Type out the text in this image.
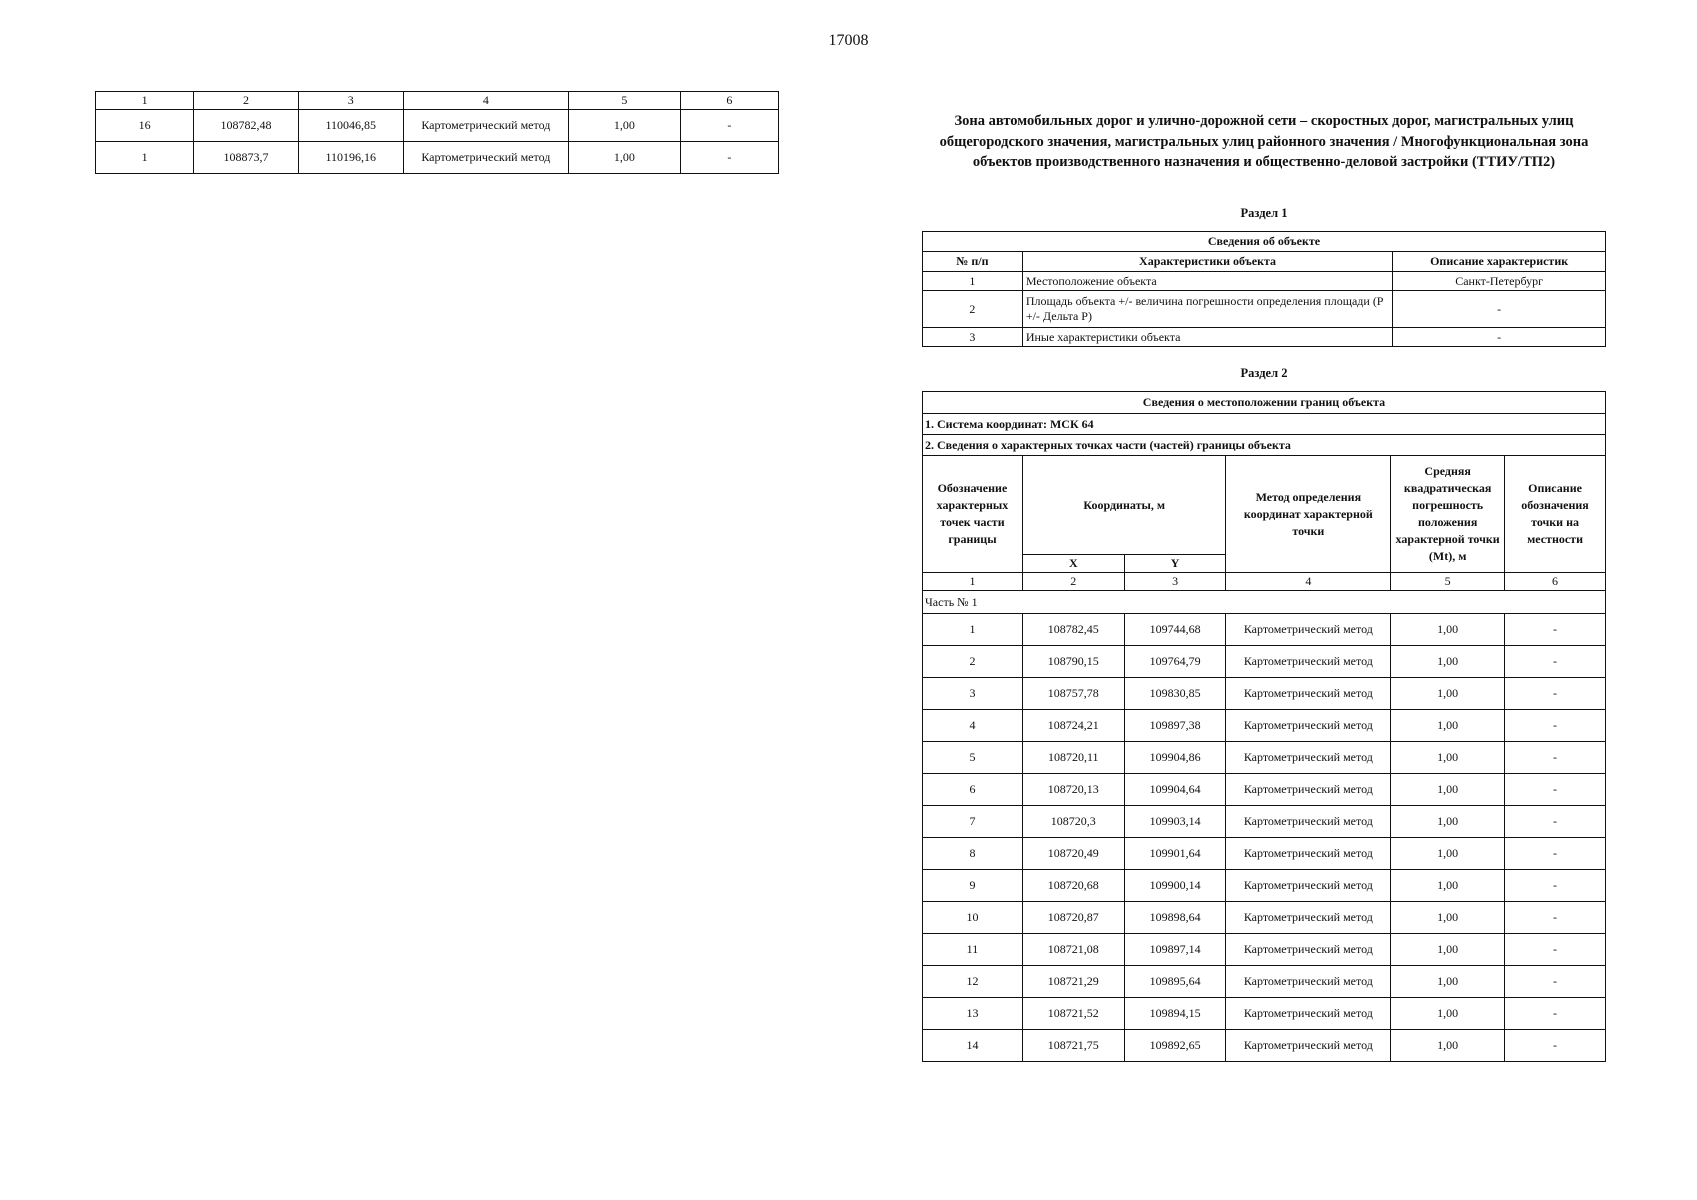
17008
1	2	3	4	5	6
16	108782,48	110046,85	Картометрический метод	1,00	-
1	108873,7	110196,16	Картометрический метод	1,00	-
Зона автомобильных дорог и улично-дорожной сети – скоростных дорог, магистральных улиц общегородского значения, магистральных улиц районного значения / Многофункциональная зона объектов производственного назначения и общественно-деловой застройки (ТТИУ/ТП2)
Раздел 1
Сведения об объекте		
№ п/п	Характеристики объекта	Описание характеристик
1	Местоположение объекта	Санкт-Петербург
2	Площадь объекта +/- величина погрешности определения площади (Р +/- Дельта Р)	-
3	Иные характеристики объекта	-
Раздел 2
Сведения о местоположении границ объекта					
1. Система координат: МСК 64					
2. Сведения о характерных точках части (частей) границы объекта					
Обозначение характерных точек части границы	Координаты, м		Метод определения координат характерной точки	Средняя квадратическая погрешность положения характерной точки (Мt), м	Описание обозначения точки на местности
	X	Y			
1	2	3	4	5	6
Часть № 1					
1	108782,45	109744,68	Картометрический метод	1,00	-
2	108790,15	109764,79	Картометрический метод	1,00	-
3	108757,78	109830,85	Картометрический метод	1,00	-
4	108724,21	109897,38	Картометрический метод	1,00	-
5	108720,11	109904,86	Картометрический метод	1,00	-
6	108720,13	109904,64	Картометрический метод	1,00	-
7	108720,3	109903,14	Картометрический метод	1,00	-
8	108720,49	109901,64	Картометрический метод	1,00	-
9	108720,68	109900,14	Картометрический метод	1,00	-
10	108720,87	109898,64	Картометрический метод	1,00	-
11	108721,08	109897,14	Картометрический метод	1,00	-
12	108721,29	109895,64	Картометрический метод	1,00	-
13	108721,52	109894,15	Картометрический метод	1,00	-
14	108721,75	109892,65	Картометрический метод	1,00	-
